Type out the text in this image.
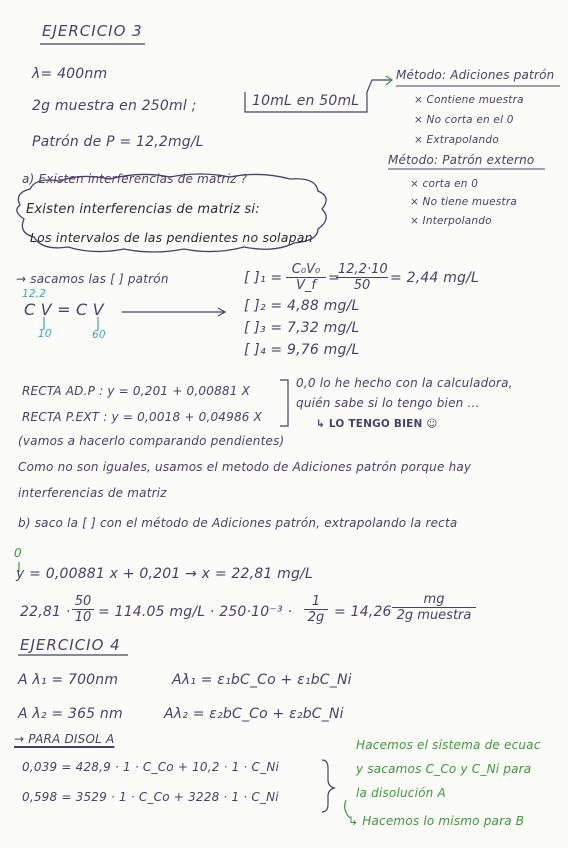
EJERCICIO 3
λ= 400nm
2g muestra en 250ml ;	10mL en 50mL
Patrón de P = 12,2mg/L
Método: Adiciones patrón
× Contiene muestra
× No corta en el 0
× Extrapolando
Método: Patrón externo
× corta en 0
× No tiene muestra
× Interpolando
a) Existen interferencias de matriz ?
Existen interferencias de matriz si:
Los intervalos de las pendientes no solapan
→ sacamos las [ ] patrón
12,2
C V = C V
10	60
[ ]$_1 = \frac{\text{C₀V₀}}{V\_f}$ =
$\frac{12,2\cdot 10}{50} = 2,44$ mg/L
[ ]₂ = 4,88 mg/L
[ ]₃ = 7,32 mg/L
[ ]₄ = 9,76 mg/L
RECTA AD.P : y = 0,201 + 0,00881 X
RECTA P.EXT : y = 0,0018 + 0,04986 X
0,0 lo he hecho con la calculadora,
quién sabe si lo tengo bien ...
↳ LO TENGO BIEN ☺
(vamos a hacerlo comparando pendientes)
Como no son iguales, usamos el metodo de Adiciones patrón porque hay
interferencias de matriz
b) saco la [ ] con el método de Adiciones patrón, extrapolando la recta
0
y = 0,00881 x + 0,201 → x = 22,81 mg/L
$22,81 \cdot \frac{50}{10} = 114.05$ $mg/L \cdot 250\cdot 10^{-3} \cdot \frac{1}{2g} = 14,26$
mg
2g muestra
EJERCICIO 4
A λ₁ = 700nm	Aλ₁ = ε₁bC_Co + ε₁bC_Ni
A λ₂ = 365 nm	Aλ₂ = ε₂bC_Co + ε₂bC_Ni
→ PARA DISOL A
0,039 = 428,9 · 1 · C_Co + 10,2 · 1 · C_Ni
0,598 = 3529 · 1 · C_Co + 3228 · 1 · C_Ni
Hacemos el sistema de ecuac
y sacamos C_Co y C_Ni para
la disolución A
↳ Hacemos lo mismo para B
